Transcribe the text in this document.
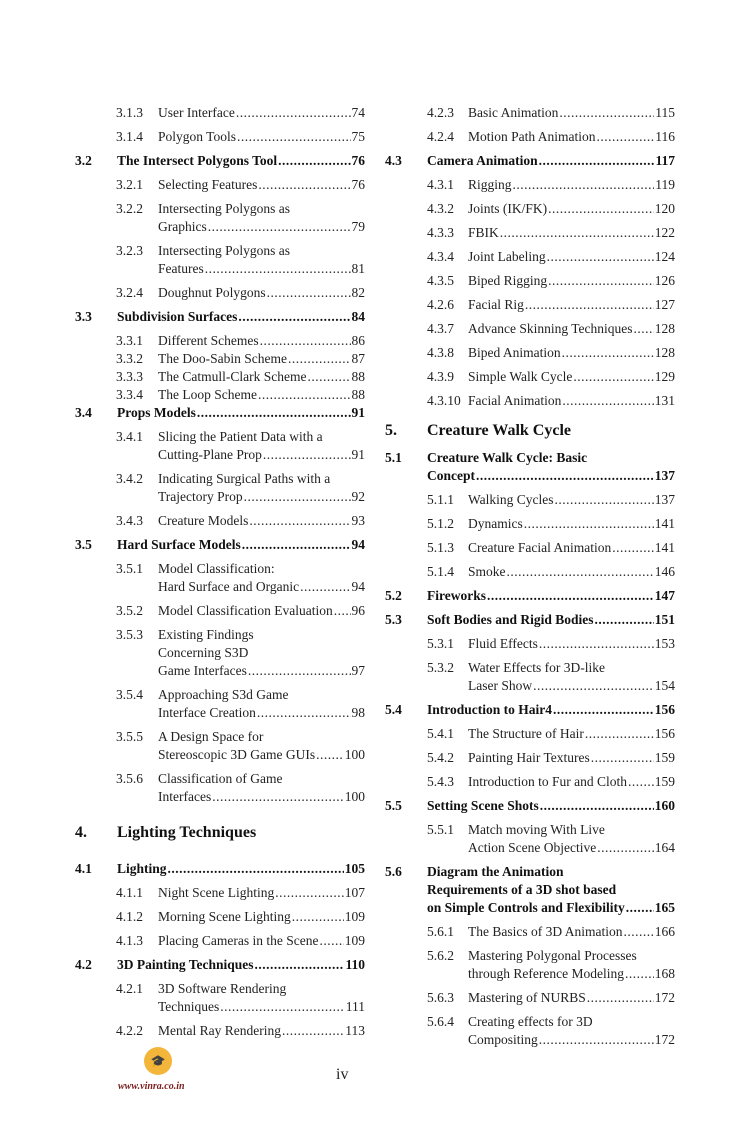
3.1.3 User Interface .....	74
3.1.4 Polygon Tools .....	75
3.2 The Intersect Polygons Tool .....	76
3.2.1 Selecting Features .....	76
3.2.2 Intersecting Polygons as
Graphics .....	79
3.2.3 Intersecting Polygons as
Features .....	81
3.2.4 Doughnut Polygons .....	82
3.3 Subdivision Surfaces .....	84
3.3.1 Different Schemes .....	86
3.3.2 The Doo-Sabin Scheme .....	87
3.3.3 The Catmull-Clark Scheme .....	88
3.3.4 The Loop Scheme .....	88
3.4 Props Models .....	91
3.4.1 Slicing the Patient Data with a
Cutting-Plane Prop .....	91
3.4.2 Indicating Surgical Paths with a
Trajectory Prop .....	92
3.4.3 Creature Models .....	93
3.5 Hard Surface Models .....	94
3.5.1 Model Classification:
Hard Surface and Organic .....	94
3.5.2 Model Classification Evaluation ..... 96
3.5.3 Existing Findings
Concerning S3D
Game Interfaces .....	97
3.5.4 Approaching S3d Game
Interface Creation .....	98
3.5.5 A Design Space for
Stereoscopic 3D Game GUIs ..... 100
3.5.6 Classification of Game
Interfaces .....	100
4. Lighting Techniques
4.1 Lighting .....	105
4.1.1 Night Scene Lighting .....	107
4.1.2 Morning Scene Lighting .....	109
4.1.3 Placing Cameras in the Scene ..... 109
4.2 3D Painting Techniques .....	110
4.2.1 3D Software Rendering
Techniques .....	111
4.2.2 Mental Ray Rendering .....	113
4.2.3 Basic Animation .....	115
4.2.4 Motion Path Animation .....	116
4.3 Camera Animation .....	117
4.3.1 Rigging .....	119
4.3.2 Joints (IK/FK) .....	120
4.3.3 FBIK .....	122
4.3.4 Joint Labeling .....	124
4.3.5 Biped Rigging .....	126
4.2.6 Facial Rig .....	127
4.3.7 Advance Skinning Techniques ..... 128
4.3.8 Biped Animation .....	128
4.3.9 Simple Walk Cycle .....	129
4.3.10 Facial Animation .....	131
5. Creature Walk Cycle
5.1 Creature Walk Cycle: Basic
Concept .....	137
5.1.1 Walking Cycles .....	137
5.1.2 Dynamics .....	141
5.1.3 Creature Facial Animation .....	141
5.1.4 Smoke .....	146
5.2 Fireworks .....	147
5.3 Soft Bodies and Rigid Bodies .....	151
5.3.1 Fluid Effects .....	153
5.3.2 Water Effects for 3D-like
Laser Show .....	154
5.4 Introduction to Hair4 .....	156
5.4.1 The Structure of Hair .....	156
5.4.2 Painting Hair Textures .....	159
5.4.3 Introduction to Fur and Cloth ..... 159
5.5 Setting Scene Shots .....	160
5.5.1 Match moving With Live
Action Scene Objective .....	164
5.6 Diagram the Animation
Requirements of a 3D shot based
on Simple Controls and Flexibility ..... 165
5.6.1 The Basics of 3D Animation ..... 166
5.6.2 Mastering Polygonal Processes
through Reference Modeling ..... 168
5.6.3 Mastering of NURBS .....	172
5.6.4 Creating effects for 3D
Compositing .....	172
🎓
www.vinra.co.in
iv
